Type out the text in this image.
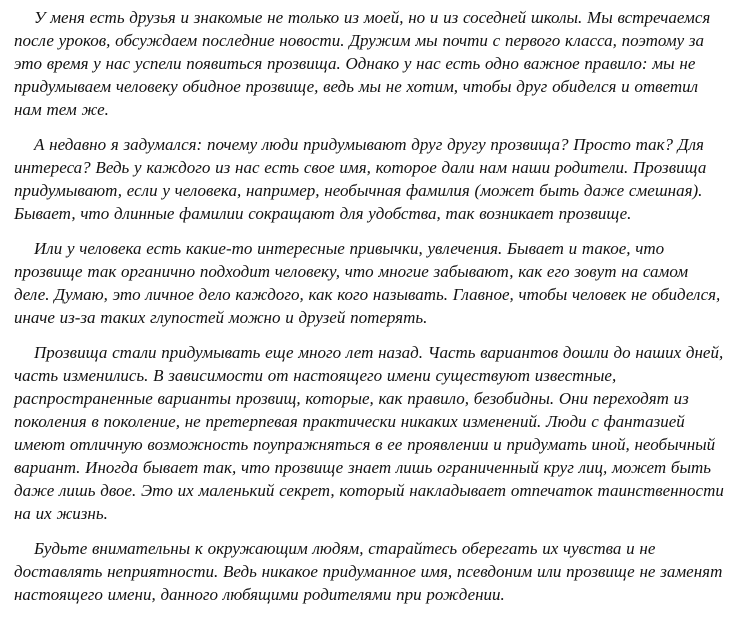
У меня есть друзья и знакомые не только из моей, но и из соседней школы. Мы встречаемся после уроков, обсуждаем последние новости. Дружим мы почти с первого класса, поэтому за это время у нас успели появиться прозвища. Однако у нас есть одно важное правило: мы не придумываем человеку обидное прозвище, ведь мы не хотим, чтобы друг обиделся и ответил нам тем же.

А недавно я задумался: почему люди придумывают друг другу прозвища? Просто так? Для интереса? Ведь у каждого из нас есть свое имя, которое дали нам наши родители. Прозвища придумывают, если у человека, например, необычная фамилия (может быть даже смешная). Бывает, что длинные фамилии сокращают для удобства, так возникает прозвище.

Или у человека есть какие-то интересные привычки, увлечения. Бывает и такое, что прозвище так органично подходит человеку, что многие забывают, как его зовут на самом деле. Думаю, это личное дело каждого, как кого называть. Главное, чтобы человек не обиделся, иначе из-за таких глупостей можно и друзей потерять.

Прозвища стали придумывать еще много лет назад. Часть вариантов дошли до наших дней, часть изменились. В зависимости от настоящего имени существуют известные, распространенные варианты прозвищ, которые, как правило, безобидны. Они переходят из поколения в поколение, не претерпевая практически никаких изменений. Люди с фантазией имеют отличную возможность поупражняться в ее проявлении и придумать иной, необычный вариант. Иногда бывает так, что прозвище знает лишь ограниченный круг лиц, может быть даже лишь двое. Это их маленький секрет, который накладывает отпечаток таинственности на их жизнь.

Будьте внимательны к окружающим людям, старайтесь оберегать их чувства и не доставлять неприятности. Ведь никакое придуманное имя, псевдоним или прозвище не заменят настоящего имени, данного любящими родителями при рождении.
